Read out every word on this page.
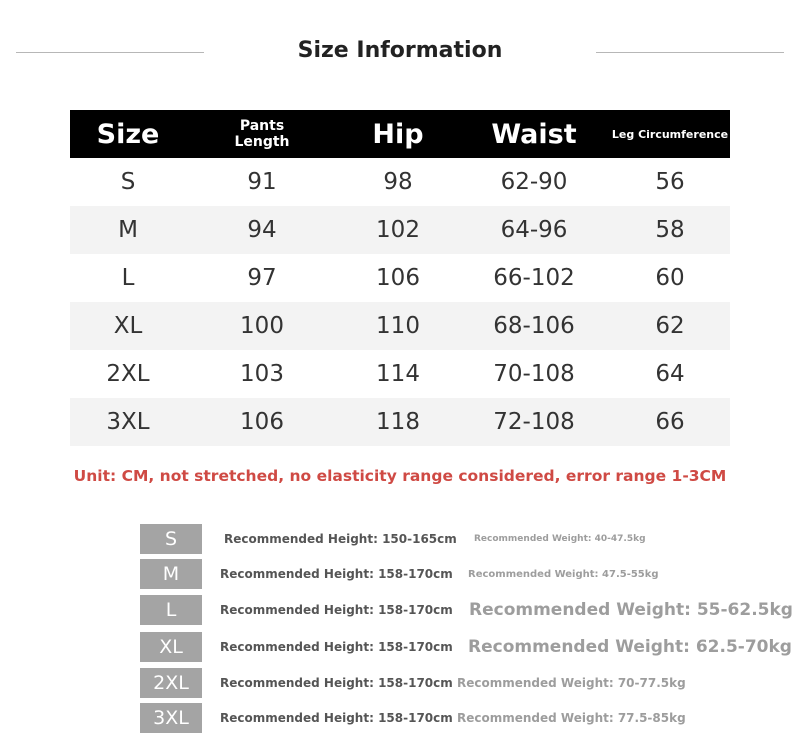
Size Information
Size	Pants Length	Hip	Waist	Leg Circumference
S	91	98	62-90	56
M	94	102	64-96	58
L	97	106	66-102	60
XL	100	110	68-106	62
2XL	103	114	70-108	64
3XL	106	118	72-108	66
Unit: CM, not stretched, no elasticity range considered, error range 1-3CM
S	Recommended Height: 150-165cm Recommended Weight: 40-47.5kg
M	Recommended Height: 158-170cm Recommended Weight: 47.5-55kg
L	Recommended Height: 158-170cm Recommended Weight: 55-62.5kg
XL	Recommended Height: 158-170cm Recommended Weight: 62.5-70kg
2XL	Recommended Height: 158-170cm Recommended Weight: 70-77.5kg
3XL	Recommended Height: 158-170cm Recommended Weight: 77.5-85kg
